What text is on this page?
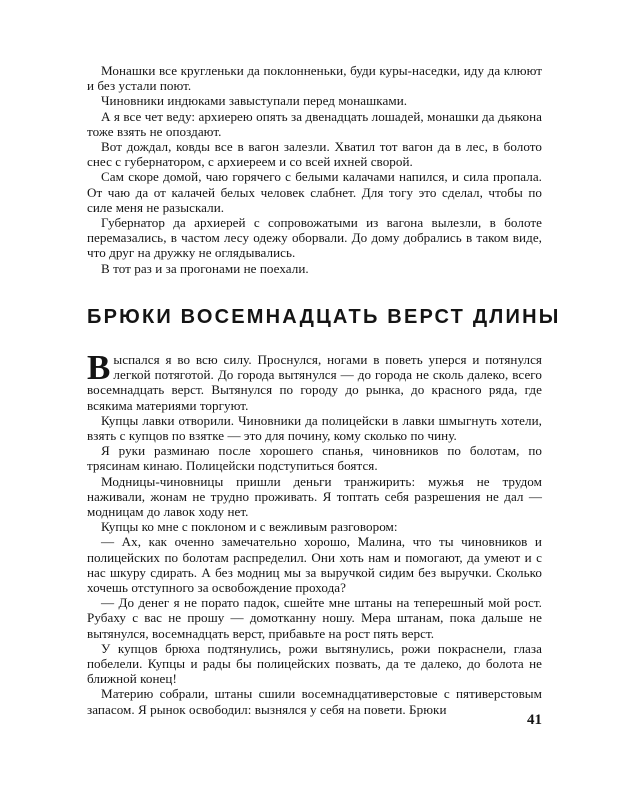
Монашки все кругленьки да поклонненьки, буди куры-наседки, иду да клюют и без устали поют.

Чиновники индюками завыступали перед монашками.

А я все чет веду: архиерею опять за двенадцать лошадей, монашки да дьякона тоже взять не опоздают.

Вот дождал, ковды все в вагон залезли. Хватил тот вагон да в лес, в болото снес с губернатором, с архиереем и со всей ихней сворой.

Сам скоре домой, чаю горячего с белыми калачами напился, и сила пропала. От чаю да от калачей белых человек слабнет. Для тогу это сделал, чтобы по силе меня не разыскали.

Губернатор да архиерей с сопровожатыми из вагона вылезли, в болоте перемазались, в частом лесу одежу оборвали. До дому добрались в таком виде, что друг на дружку не оглядывались.

В тот раз и за прогонами не поехали.

БРЮКИ ВОСЕМНАДЦАТЬ ВЕРСТ ДЛИНЫ

Выспался я во всю силу. Проснулся, ногами в поветь уперся и потянулся легкой потяготой. До города вытянулся — до города не сколь далеко, всего восемнадцать верст. Вытянулся по городу до рынка, до красного ряда, где всякима материями торгуют.

Купцы лавки отворили. Чиновники да полицейски в лавки шмыгнуть хотели, взять с купцов по взятке — это для почину, кому сколько по чину.

Я руки разминаю после хорошего спанья, чиновников по болотам, по трясинам кинаю. Полицейски подступиться боятся.

Модницы-чиновницы пришли деньги транжирить: мужья не трудом наживали, жонам не трудно проживать. Я топтать себя разрешения не дал — модницам до лавок ходу нет.

Купцы ко мне с поклоном и с вежливым разговором:

— Ах, как оченно замечательно хорошо, Малина, что ты чиновников и полицейских по болотам распределил. Они хоть нам и помогают, да умеют и с нас шкуру сдирать. А без модниц мы за выручкой сидим без выручки. Сколько хочешь отступного за освобождение прохода?

— До денег я не порато падок, сшейте мне штаны на теперешный мой рост. Рубаху с вас не прошу — домотканну ношу. Мера штанам, пока дальше не вытянулся, восемнадцать верст, прибавьте на рост пять верст.

У купцов брюха подтянулись, рожи вытянулись, рожи покраснели, глаза побелели. Купцы и рады бы полицейских позвать, да те далеко, до болота не ближной конец!

Материю собрали, штаны сшили восемнадцативерстовые с пятиверстовым запасом. Я рынок освободил: вызнялся у себя на повети. Брюки

41
